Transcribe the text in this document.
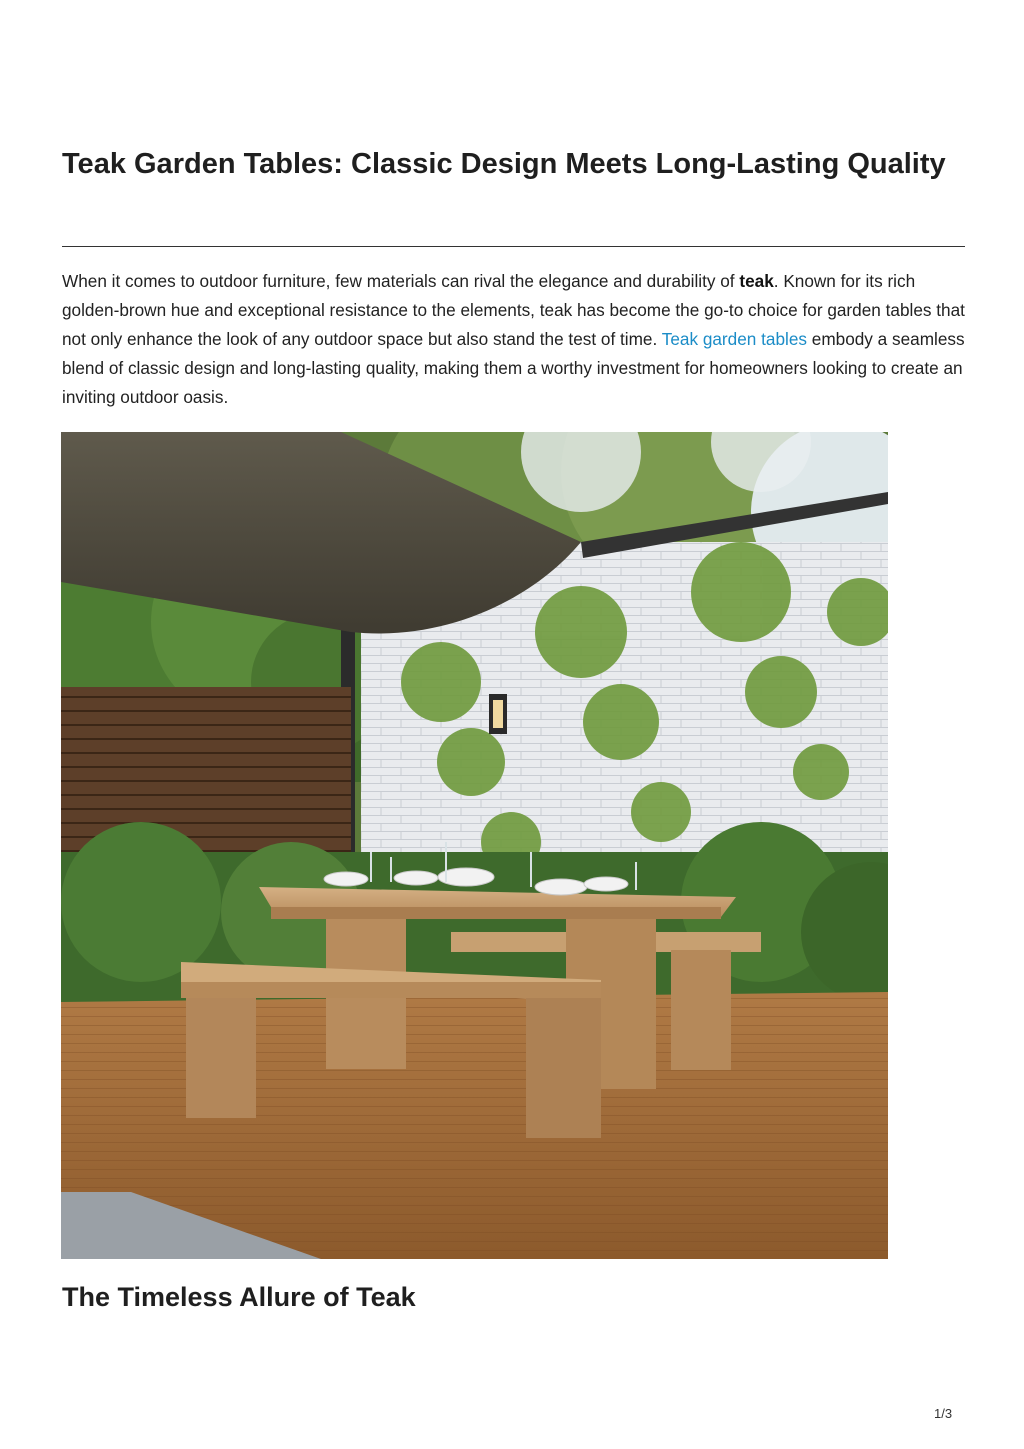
Teak Garden Tables: Classic Design Meets Long-Lasting Quality

When it comes to outdoor furniture, few materials can rival the elegance and durability of teak. Known for its rich golden-brown hue and exceptional resistance to the elements, teak has become the go-to choice for garden tables that not only enhance the look of any outdoor space but also stand the test of time. Teak garden tables embody a seamless blend of classic design and long-lasting quality, making them a worthy investment for homeowners looking to create an inviting outdoor oasis.

The Timeless Allure of Teak
1/3
